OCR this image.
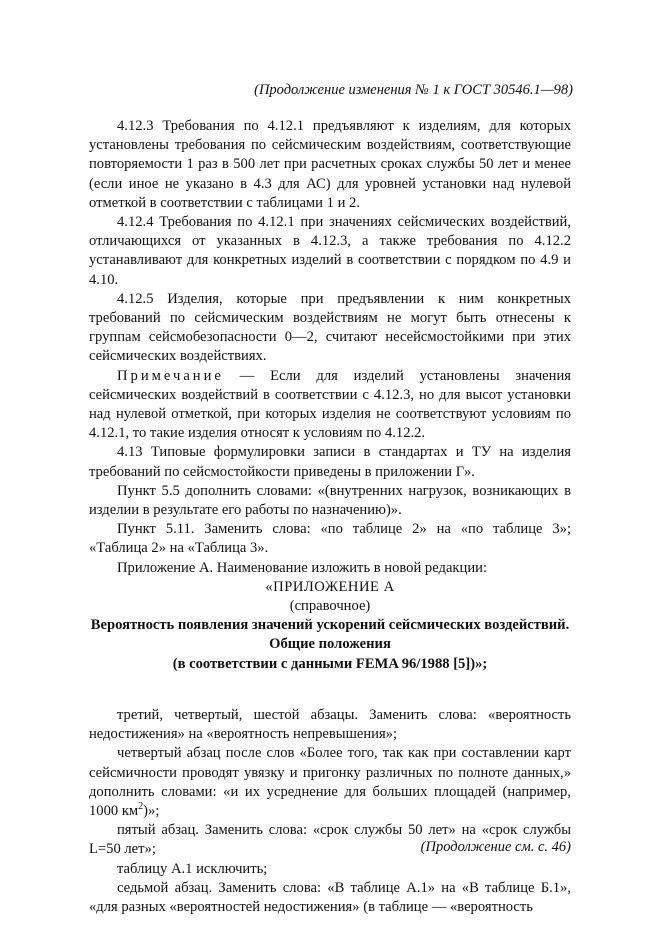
(Продолжение изменения № 1 к ГОСТ 30546.1—98)

4.12.3 Требования по 4.12.1 предъявляют к изделиям, для которых установлены требования по сейсмическим воздействиям, соответствующие повторяемости 1 раз в 500 лет при расчетных сроках службы 50 лет и менее (если иное не указано в 4.3 для АС) для уровней установки над нулевой отметкой в соответствии с таблицами 1 и 2.

4.12.4 Требования по 4.12.1 при значениях сейсмических воздействий, отличающихся от указанных в 4.12.3, а также требования по 4.12.2 устанавливают для конкретных изделий в соответствии с порядком по 4.9 и 4.10.

4.12.5 Изделия, которые при предъявлении к ним конкретных требований по сейсмическим воздействиям не могут быть отнесены к группам сейсмобезопасности 0—2, считают несейсмостойкими при этих сейсмических воздействиях.

Примечание — Если для изделий установлены значения сейсмических воздействий в соответствии с 4.12.3, но для высот установки над нулевой отметкой, при которых изделия не соответствуют условиям по 4.12.1, то такие изделия относят к условиям по 4.12.2.

4.13 Типовые формулировки записи в стандартах и ТУ на изделия требований по сейсмостойкости приведены в приложении Г».

Пункт 5.5 дополнить словами: «(внутренних нагрузок, возникающих в изделии в результате его работы по назначению)».

Пункт 5.11. Заменить слова: «по таблице 2» на «по таблице 3»; «Таблица 2» на «Таблица 3».

Приложение А. Наименование изложить в новой редакции:

«ПРИЛОЖЕНИЕ А

(справочное)

Вероятность появления значений ускорений сейсмических воздействий.

Общие положения

(в соответствии с данными FEMA 96/1988 [5])»;

третий, четвертый, шестой абзацы. Заменить слова: «вероятность недостижения» на «вероятность непревышения»;

четвертый абзац после слов «Более того, так как при составлении карт сейсмичности проводят увязку и пригонку различных по полноте данных,» дополнить словами: «и их усреднение для больших площадей (например, 1000 $км^2$)»;

пятый абзац. Заменить слова: «срок службы 50 лет» на «срок службы L=50 лет»;

таблицу А.1 исключить;

седьмой абзац. Заменить слова: «В таблице А.1» на «В таблице Б.1», «для разных «вероятностей недостижения» (в таблице — «вероятность

(Продолжение см. с. 46)
